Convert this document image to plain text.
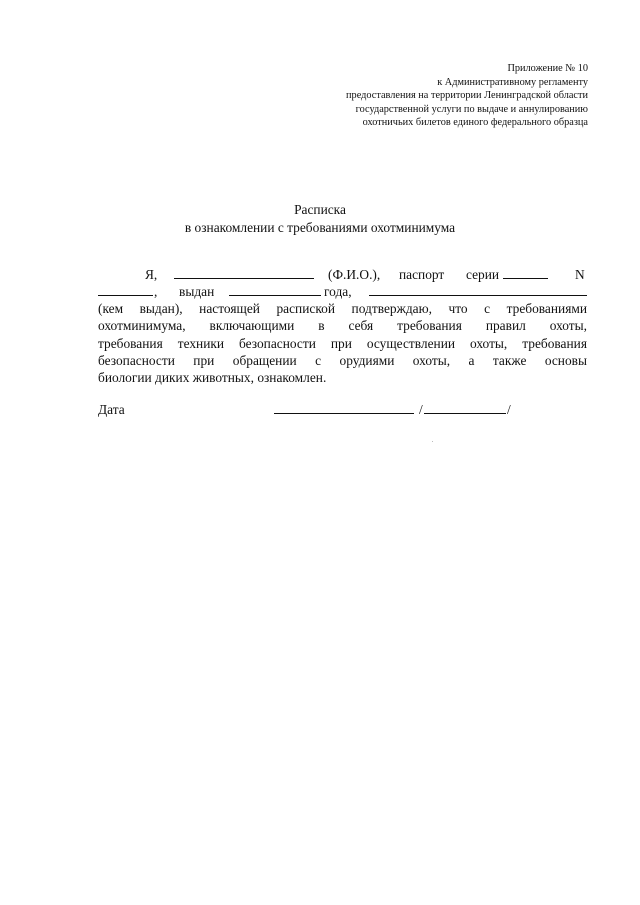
Приложение № 10
к Административному регламенту
предоставления на территории Ленинградской области
государственной услуги по выдаче и аннулированию
охотничьих билетов единого федерального образца
Расписка
в ознакомлении с требованиями охотминимума
Я,	(Ф.И.О.), паспорт серии	N
, выдан	года,
(кем выдан), настоящей распиской подтверждаю, что с требованиями
охотминимума, включающими в себя требования правил охоты,
требования техники безопасности при осуществлении охоты, требования
безопасности при обращении с орудиями охоты, а также основы
биологии диких животных, ознакомлен.
Дата	/	/
